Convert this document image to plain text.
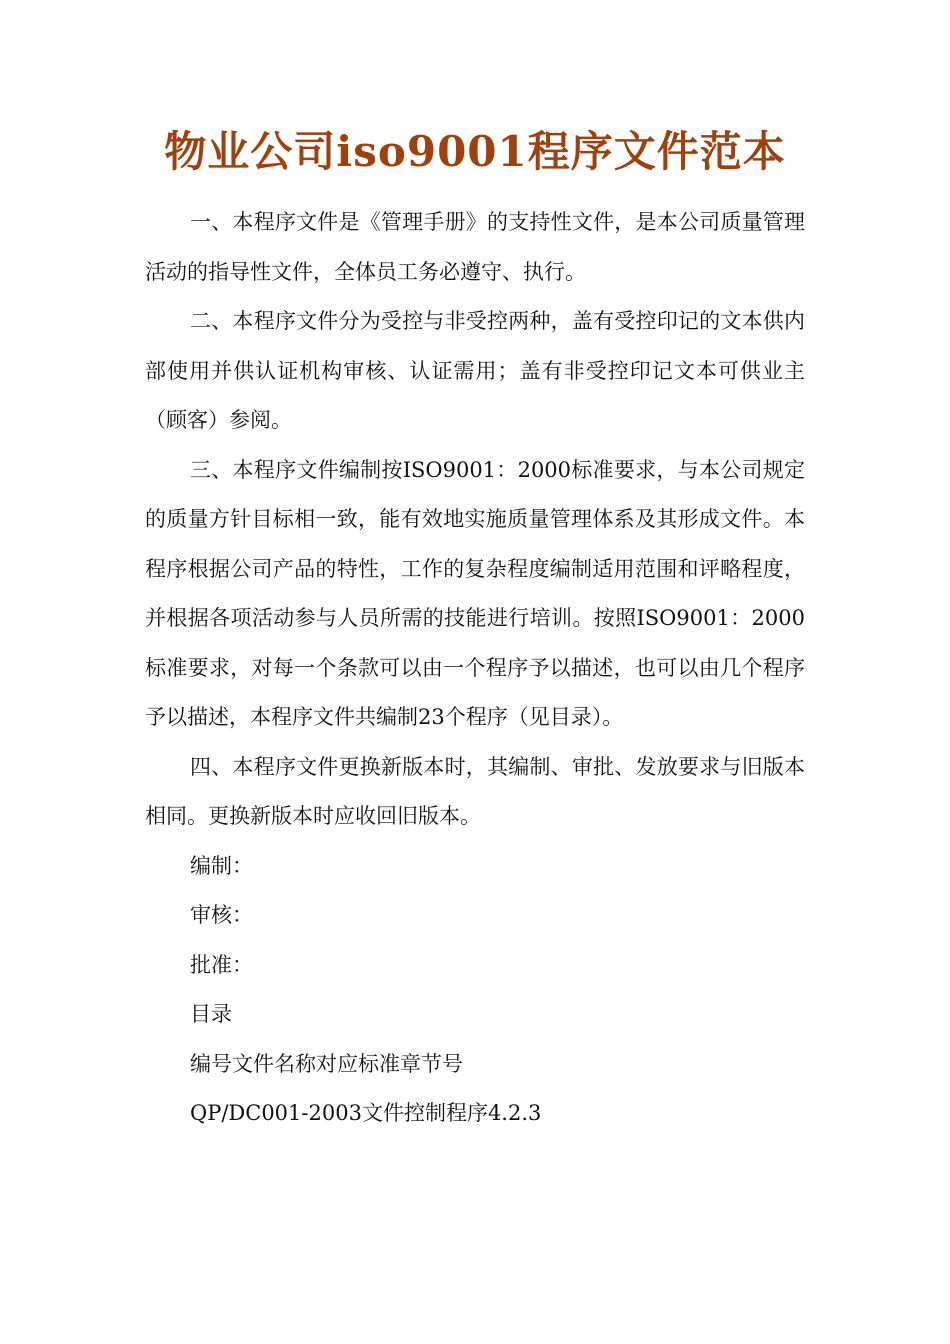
物业公司iso9001程序文件范本

一、本程序文件是《管理手册》的支持性文件，是本公司质量管理活动的指导性文件，全体员工务必遵守、执行。

二、本程序文件分为受控与非受控两种，盖有受控印记的文本供内部使用并供认证机构审核、认证需用；盖有非受控印记文本可供业主（顾客）参阅。

三、本程序文件编制按ISO9001：2000标准要求，与本公司规定的质量方针目标相一致，能有效地实施质量管理体系及其形成文件。本程序根据公司产品的特性，工作的复杂程度编制适用范围和评略程度，并根据各项活动参与人员所需的技能进行培训。按照ISO9001：2000标准要求，对每一个条款可以由一个程序予以描述，也可以由几个程序予以描述，本程序文件共编制23个程序（见目录）。

四、本程序文件更换新版本时，其编制、审批、发放要求与旧版本相同。更换新版本时应收回旧版本。

编制：

审核：

批准：

目录

编号文件名称对应标准章节号

QP/DC001-2003文件控制程序4.2.3
